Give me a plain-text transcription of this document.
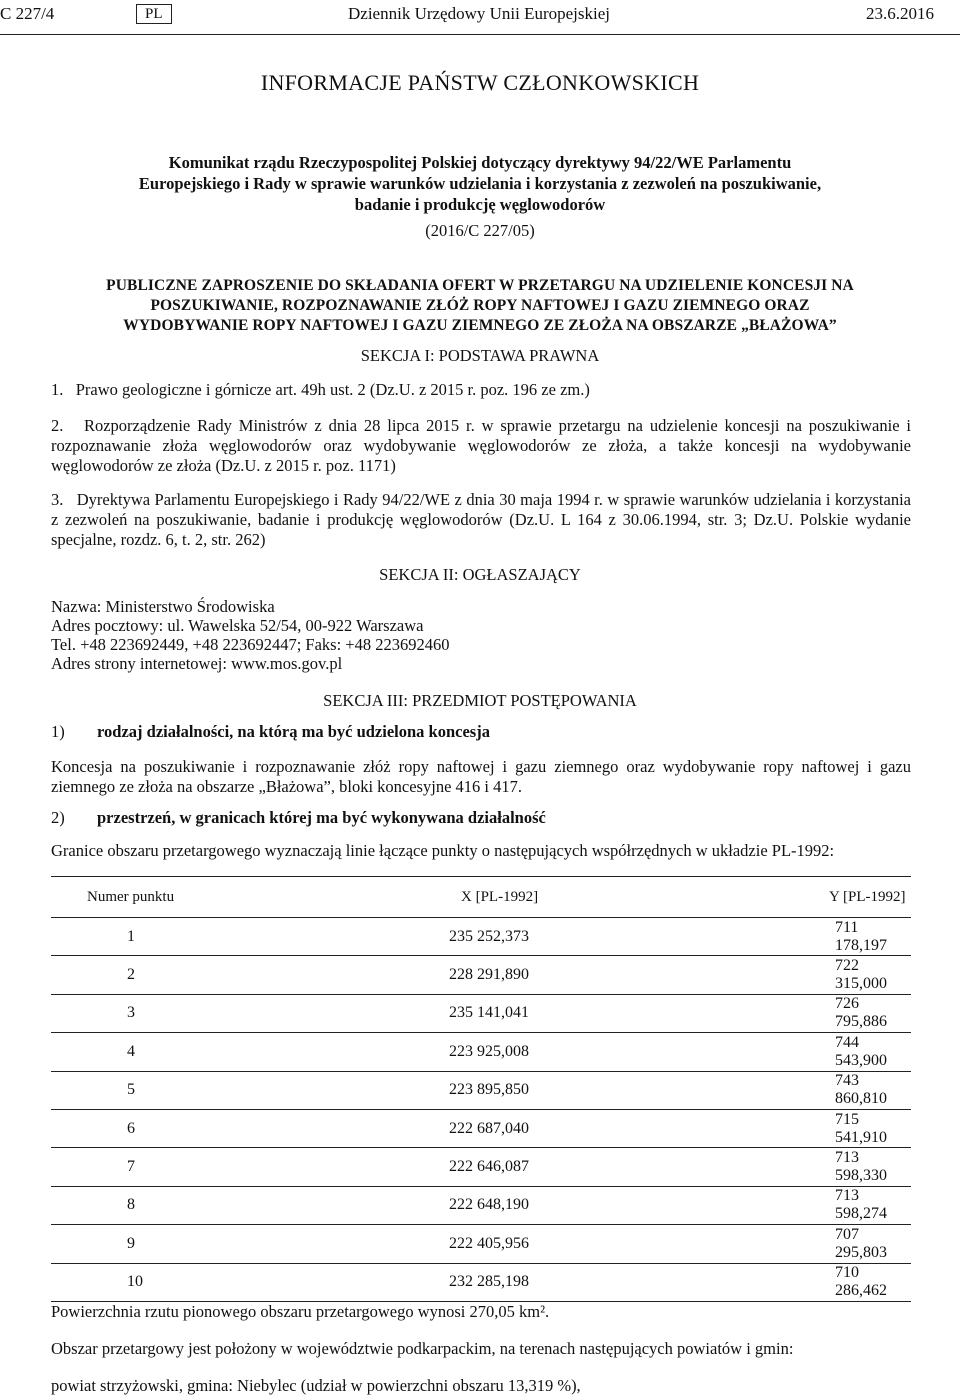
C 227/4	PL	Dziennik Urzędowy Unii Europejskiej	23.6.2016
INFORMACJE PAŃSTW CZŁONKOWSKICH
Komunikat rządu Rzeczypospolitej Polskiej dotyczący dyrektywy 94/22/WE Parlamentu
Europejskiego i Rady w sprawie warunków udzielania i korzystania z zezwoleń na poszukiwanie,
badanie i produkcję węglowodorów
(2016/C 227/05)
PUBLICZNE ZAPROSZENIE DO SKŁADANIA OFERT W PRZETARGU NA UDZIELENIE KONCESJI NA
POSZUKIWANIE, ROZPOZNAWANIE ZŁÓŻ ROPY NAFTOWEJ I GAZU ZIEMNEGO ORAZ
WYDOBYWANIE ROPY NAFTOWEJ I GAZU ZIEMNEGO ZE ZŁOŻA NA OBSZARZE „BŁAŻOWA”
SEKCJA I: PODSTAWA PRAWNA
1.   Prawo geologiczne i górnicze art. 49h ust. 2 (Dz.U. z 2015 r. poz. 196 ze zm.)
2.   Rozporządzenie Rady Ministrów z dnia 28 lipca 2015 r. w sprawie przetargu na udzielenie koncesji na poszukiwanie i rozpoznawanie złoża węglowodorów oraz wydobywanie węglowodorów ze złoża, a także koncesji na wydobywanie węglowodorów ze złoża (Dz.U. z 2015 r. poz. 1171)
3.   Dyrektywa Parlamentu Europejskiego i Rady 94/22/WE z dnia 30 maja 1994 r. w sprawie warunków udzielania i korzystania z zezwoleń na poszukiwanie, badanie i produkcję węglowodorów (Dz.U. L 164 z 30.06.1994, str. 3; Dz.U. Polskie wydanie specjalne, rozdz. 6, t. 2, str. 262)
SEKCJA II: OGŁASZAJĄCY
Nazwa: Ministerstwo Środowiska
Adres pocztowy: ul. Wawelska 52/54, 00-922 Warszawa
Tel. +48 223692449, +48 223692447; Faks: +48 223692460
Adres strony internetowej: www.mos.gov.pl
SEKCJA III: PRZEDMIOT POSTĘPOWANIA
1) rodzaj działalności, na którą ma być udzielona koncesja
Koncesja na poszukiwanie i rozpoznawanie złóż ropy naftowej i gazu ziemnego oraz wydobywanie ropy naftowej i gazu ziemnego ze złoża na obszarze „Błażowa”, bloki koncesyjne 416 i 417.
2) przestrzeń, w granicach której ma być wykonywana działalność
Granice obszaru przetargowego wyznaczają linie łączące punkty o następujących współrzędnych w układzie PL-1992:
Numer punktu	X [PL-1992]	Y [PL-1992]
1	235 252,373	711 178,197
2	228 291,890	722 315,000
3	235 141,041	726 795,886
4	223 925,008	744 543,900
5	223 895,850	743 860,810
6	222 687,040	715 541,910
7	222 646,087	713 598,330
8	222 648,190	713 598,274
9	222 405,956	707 295,803
10	232 285,198	710 286,462
Powierzchnia rzutu pionowego obszaru przetargowego wynosi 270,05 km².
Obszar przetargowy jest położony w województwie podkarpackim, na terenach następujących powiatów i gmin:
powiat strzyżowski, gmina: Niebylec (udział w powierzchni obszaru 13,319 %),
